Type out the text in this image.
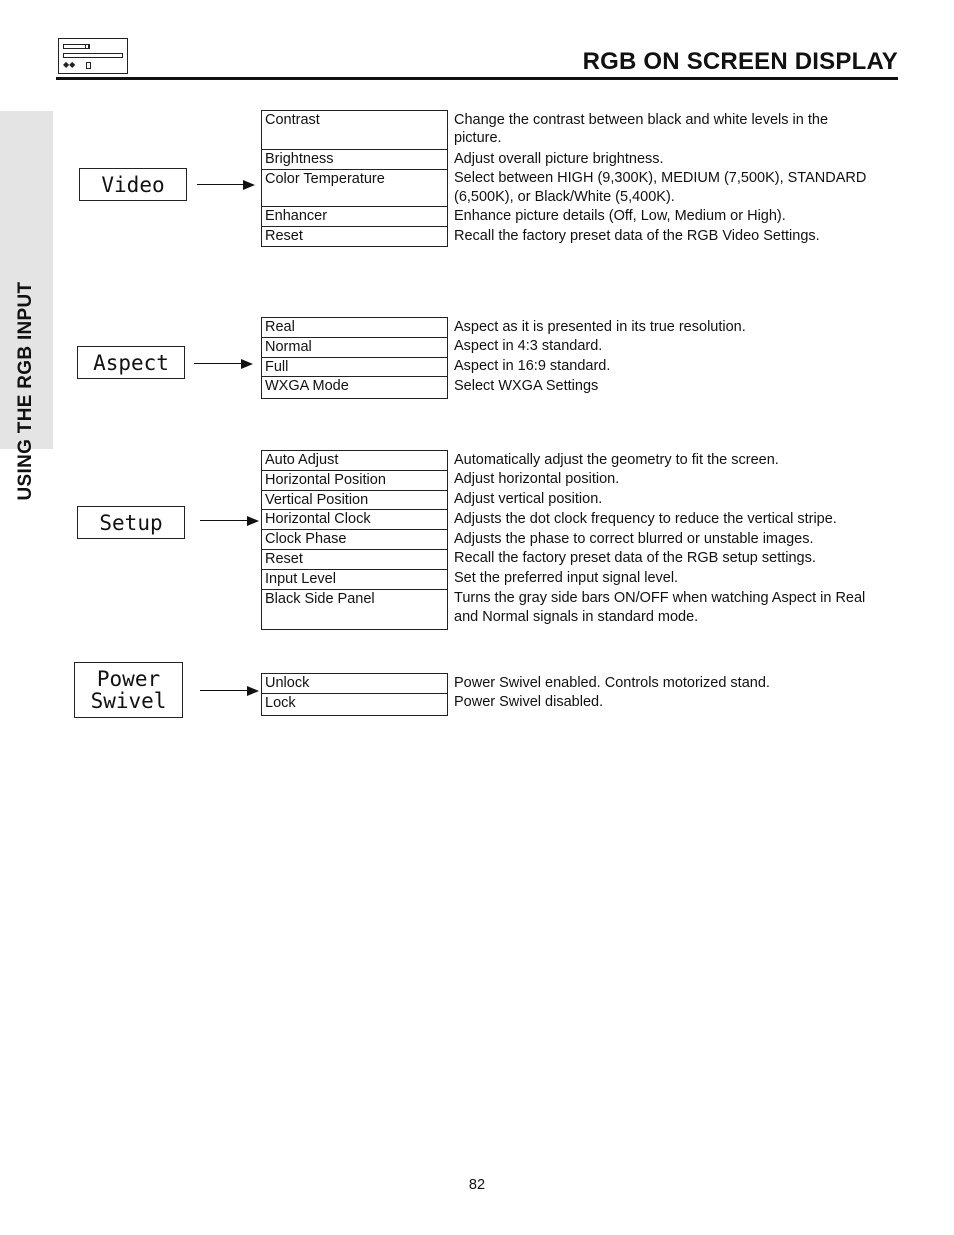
◆◆	RGB ON SCREEN DISPLAY
USING THE RGB INPUT
Video
Contrast	Change the contrast between black and white levels in the picture.
Brightness	Adjust overall picture brightness.
Color Temperature	Select between HIGH (9,300K), MEDIUM (7,500K), STANDARD (6,500K), or Black/White (5,400K).
Enhancer	Enhance picture details (Off, Low, Medium or High).
Reset	Recall the factory preset data of the RGB Video Settings.
Aspect
Real	Aspect as it is presented in its true resolution.
Normal	Aspect in 4:3 standard.
Full	Aspect in 16:9 standard.
WXGA Mode	Select WXGA Settings
Setup
Auto Adjust	Automatically adjust the geometry to fit the screen.
Horizontal Position	Adjust horizontal position.
Vertical Position	Adjust vertical position.
Horizontal Clock	Adjusts the dot clock frequency to reduce the vertical stripe.
Clock Phase	Adjusts the phase to correct blurred or unstable images.
Reset	Recall the factory preset data of the RGB setup settings.
Input Level	Set the preferred input signal level.
Black Side Panel	Turns the gray side bars ON/OFF when watching Aspect in Real and Normal signals in standard mode.
Power
Swivel
Unlock	Power Swivel enabled. Controls motorized stand.
Lock	Power Swivel disabled.
82
